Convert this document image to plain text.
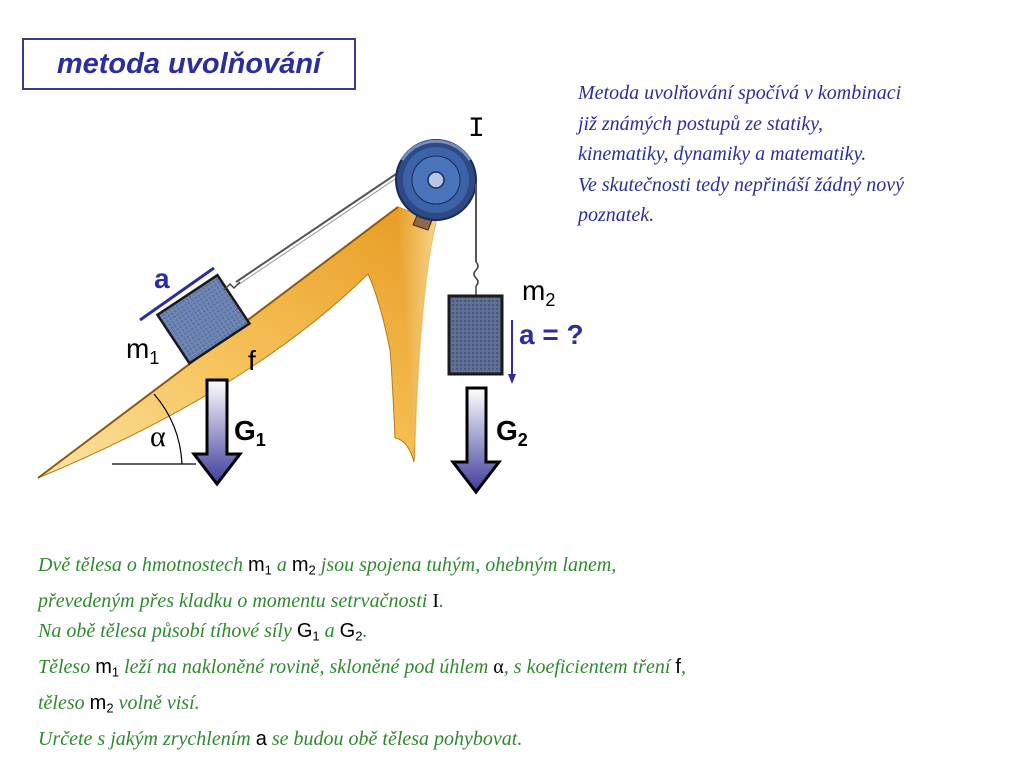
metoda uvolňování
Metoda uvolňování spočívá v kombinaci
již známých postupů ze statiky,
kinematiky, dynamiky a matematiky.
Ve skutečnosti tedy nepřináší žádný nový
poznatek.
I
a
$m_1$	f
α
$m_2$
a = ?
$G_1$	$G_2$
Dvě tělesa o hmotnostech $m_1$ a $m_2$ jsou spojena tuhým, ohebným lanem,
převedeným přes kladku o momentu setrvačnosti I.
Na obě tělesa působí tíhové síly $G_1$ a $G_2$.
Těleso $m_1$ leží na nakloněné rovině, skloněné pod úhlem α, s koeficientem tření f,
těleso $m_2$ volně visí.
Určete s jakým zrychlením a se budou obě tělesa pohybovat.
